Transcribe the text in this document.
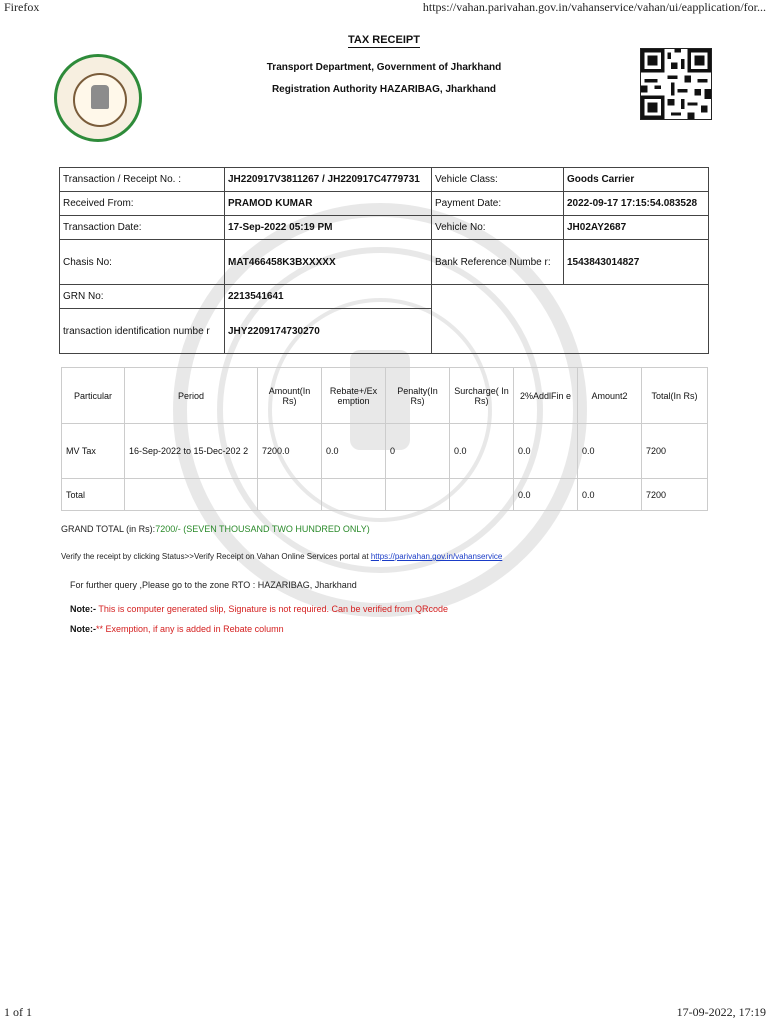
Firefox	https://vahan.parivahan.gov.in/vahanservice/vahan/ui/eapplication/for...
TAX RECEIPT
Transport Department, Government of Jharkhand
Registration Authority HAZARIBAG, Jharkhand
Transaction / Receipt No. :	JH220917V3811267 / JH220917C4779731	Vehicle Class:	Goods Carrier
Received From:	PRAMOD KUMAR	Payment Date:	2022-09-17 17:15:54.083528
Transaction Date:	17-Sep-2022 05:19 PM	Vehicle No:	JH02AY2687
Chasis No:	MAT466458K3BXXXXX	Bank Reference Numbe r:	1543843014827
GRN No:	2213541641		
transaction identification numbe r	JHY2209174730270		
Particular	Period	Amount(In Rs)	Rebate+/Ex emption	Penalty(In Rs)	Surcharge( In Rs)	2%AddlFin e	Amount2	Total(In Rs)
MV Tax	16-Sep-2022 to 15-Dec-202 2	7200.0	0.0	0	0.0	0.0	0.0	7200
Total						0.0	0.0	7200
GRAND TOTAL (in Rs):7200/- (SEVEN THOUSAND TWO HUNDRED ONLY)
Verify the receipt by clicking Status>>Verify Receipt on Vahan Online Services portal at https://parivahan.gov.in/vahanservice
For further query ,Please go to the zone RTO : HAZARIBAG, Jharkhand
Note:- This is computer generated slip, Signature is not required. Can be verified from QRcode
Note:-** Exemption, if any is added in Rebate column
1 of 1	17-09-2022, 17:19
